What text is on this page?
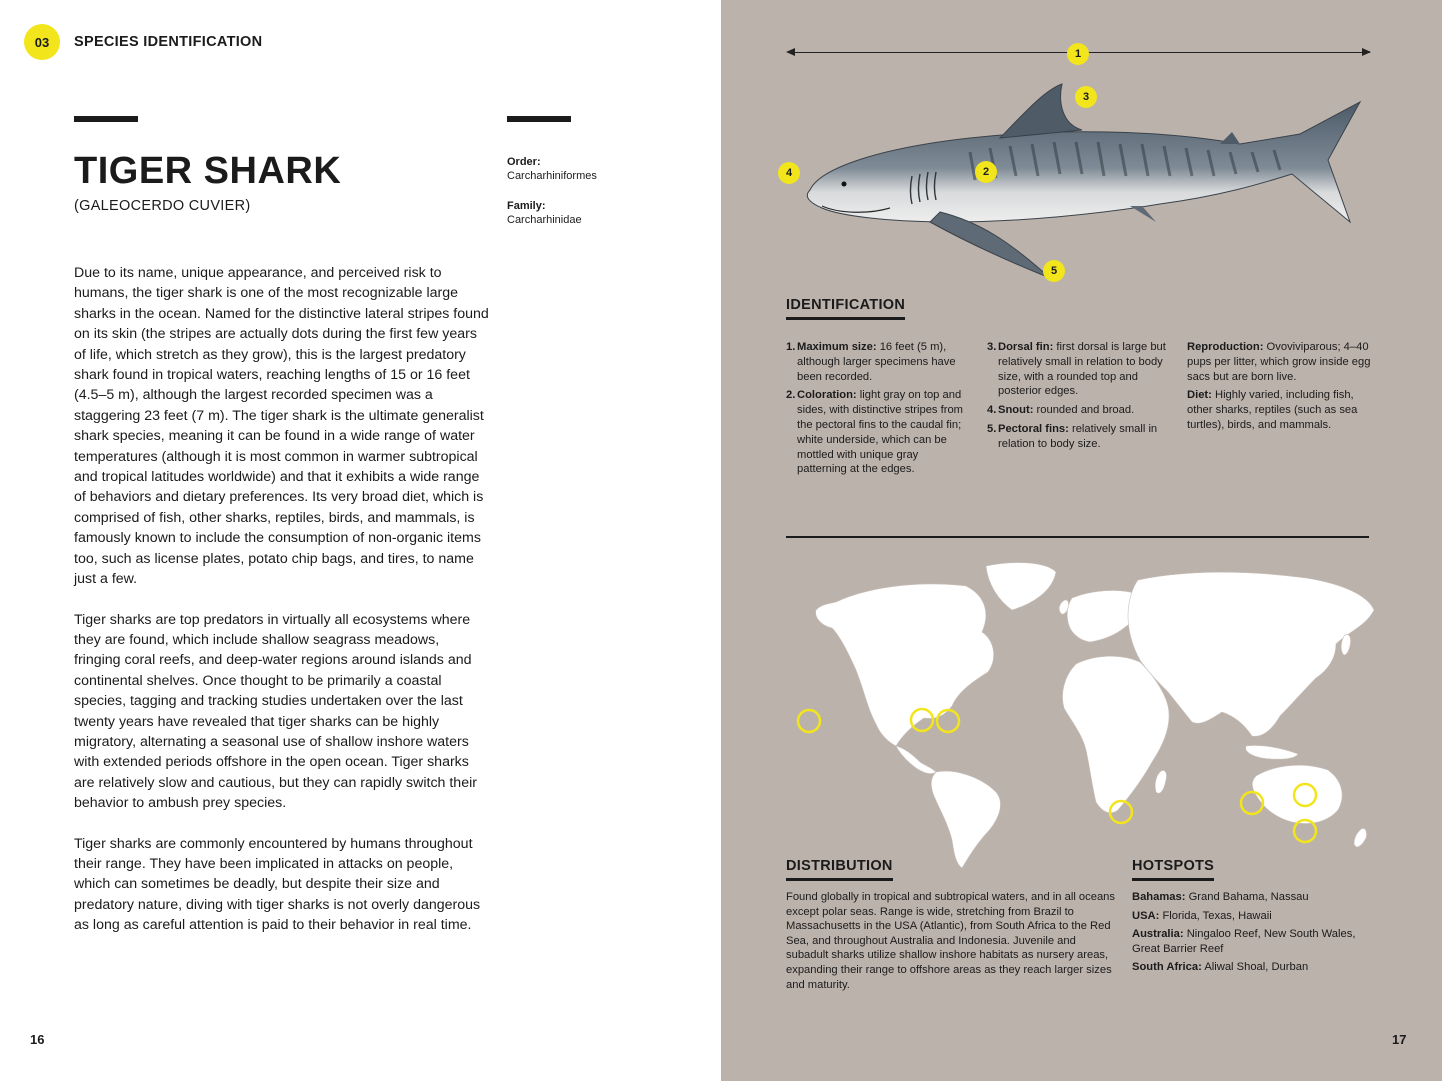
03	SPECIES IDENTIFICATION
TIGER SHARK
(GALEOCERDO CUVIER)
Order:
Carcharhiniformes
Family:
Carcharhinidae

Due to its name, unique appearance, and perceived risk to humans, the tiger shark is one of the most recognizable large sharks in the ocean. Named for the distinctive lateral stripes found on its skin (the stripes are actually dots during the first few years of life, which stretch as they grow), this is the largest predatory shark found in tropical waters, reaching lengths of 15 or 16 feet (4.5–5 m), although the largest recorded specimen was a staggering 23 feet (7 m). The tiger shark is the ultimate generalist shark species, meaning it can be found in a wide range of water temperatures (although it is most common in warmer subtropical and tropical latitudes worldwide) and that it exhibits a wide range of behaviors and dietary preferences. Its very broad diet, which is comprised of fish, other sharks, reptiles, birds, and mammals, is famously known to include the consumption of non-organic items too, such as license plates, potato chip bags, and tires, to name just a few.

Tiger sharks are top predators in virtually all ecosystems where they are found, which include shallow seagrass meadows, fringing coral reefs, and deep-water regions around islands and continental shelves. Once thought to be primarily a coastal species, tagging and tracking studies undertaken over the last twenty years have revealed that tiger sharks can be highly migratory, alternating a seasonal use of shallow inshore waters with extended periods offshore in the open ocean. Tiger sharks are relatively slow and cautious, but they can rapidly switch their behavior to ambush prey species.

Tiger sharks are commonly encountered by humans throughout their range. They have been implicated in attacks on people, which can sometimes be deadly, but despite their size and predatory nature, diving with tiger sharks is not overly dangerous as long as careful attention is paid to their behavior in real time.

16
1
3
2
4
5
IDENTIFICATION
1. Maximum size: 16 feet (5 m), although larger specimens have been recorded.
2. Coloration: light gray on top and sides, with distinctive stripes from the pectoral fins to the caudal fin; white underside, which can be mottled with unique gray patterning at the edges.
3. Dorsal fin: first dorsal is large but relatively small in relation to body size, with a rounded top and posterior edges.
4. Snout: rounded and broad.
5. Pectoral fins: relatively small in relation to body size.
Reproduction: Ovoviviparous; 4–40 pups per litter, which grow inside egg sacs but are born live.
Diet: Highly varied, including fish, other sharks, reptiles (such as sea turtles), birds, and mammals.
DISTRIBUTION
Found globally in tropical and subtropical waters, and in all oceans except polar seas. Range is wide, stretching from Brazil to Massachusetts in the USA (Atlantic), from South Africa to the Red Sea, and throughout Australia and Indonesia. Juvenile and subadult sharks utilize shallow inshore habitats as nursery areas, expanding their range to offshore areas as they reach larger sizes and maturity.
HOTSPOTS
Bahamas: Grand Bahama, Nassau
USA: Florida, Texas, Hawaii
Australia: Ningaloo Reef, New South Wales, Great Barrier Reef
South Africa: Aliwal Shoal, Durban
17
